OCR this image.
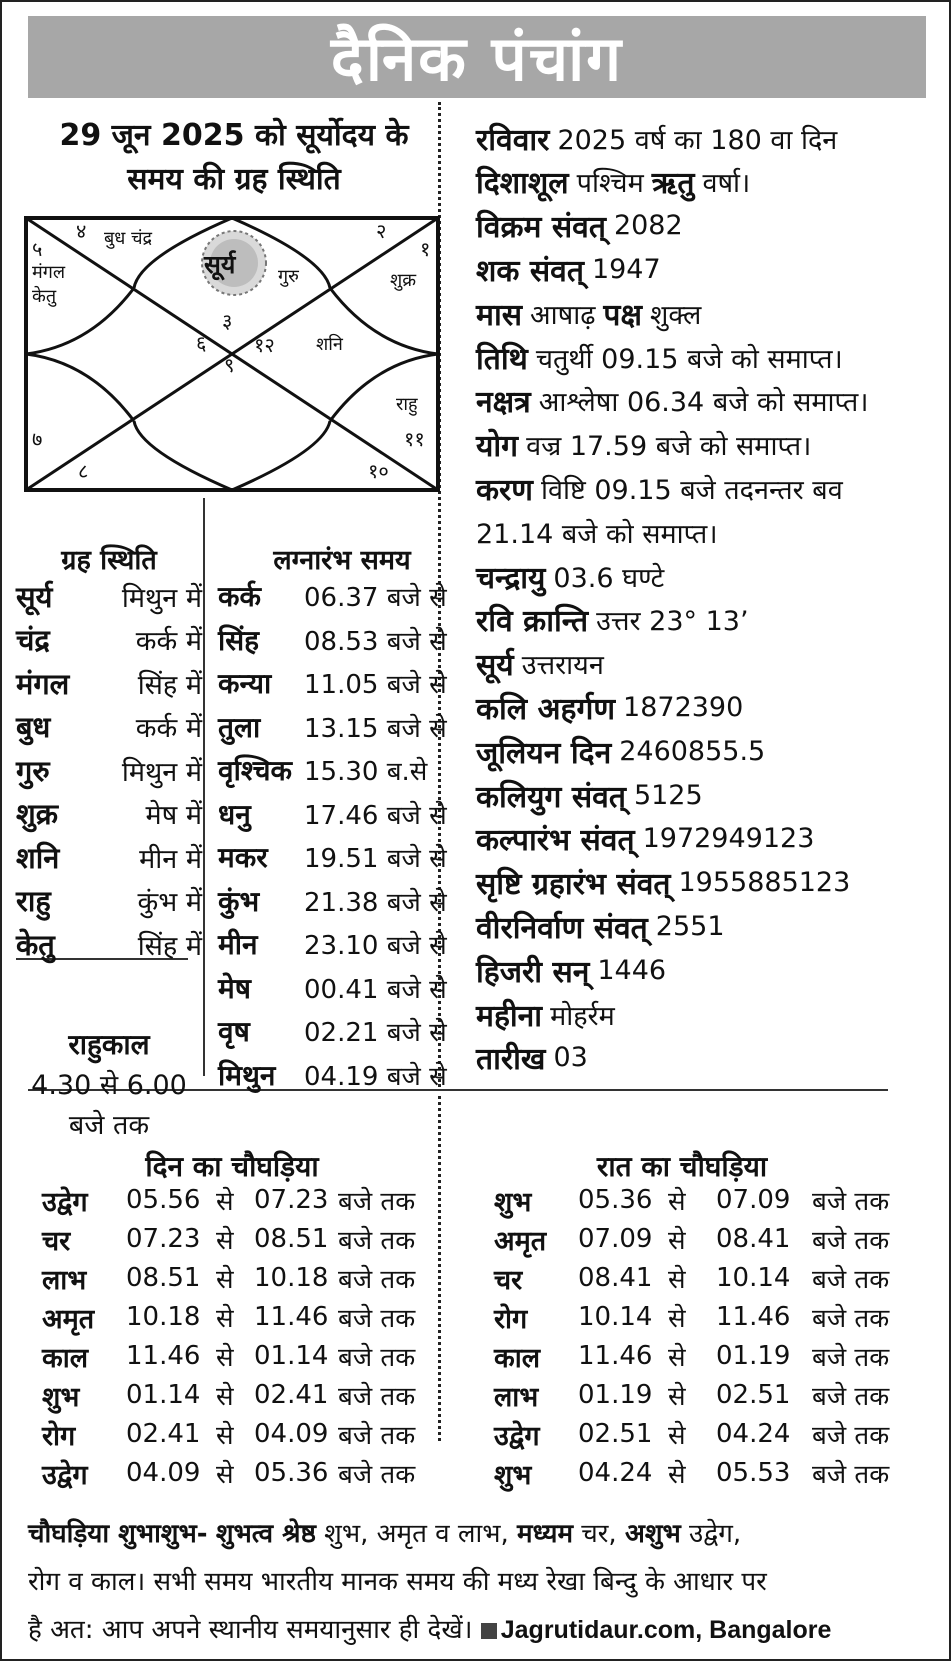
दैनिक पंचांग
29 जून 2025 को सूर्योदय के
समय की ग्रह स्थिति
४ बुध चंद्र	२
१
५
मंगल
केतु
सूर्य गुरु	शुक्र
३
६ १२ शनि
९
राहु
७	११
८	१०
ग्रह स्थिति
सूर्य	मिथुन में
चंद्र	कर्क में
मंगल	सिंह में
बुध	कर्क में
गुरु	मिथुन में
शुक्र	मेष में
शनि	मीन में
राहु	कुंभ में
केतु	सिंह में
लग्नारंभ समय
कर्क	06.37 बजे से
सिंह	08.53 बजे से
कन्या	11.05 बजे से
तुला	13.15 बजे से
वृश्चिक 15.30 ब.से
धनु	17.46 बजे से
मकर	19.51 बजे से
कुंभ	21.38 बजे से
मीन	23.10 बजे से
मेष	00.41 बजे से
वृष	02.21 बजे से
मिथुन	04.19 बजे से
राहुकाल
4.30 से 6.00
बजे तक
रविवार 2025 वर्ष का 180 वा दिन
दिशाशूल पश्चिम ऋतु वर्षा।
विक्रम संवत् 2082
शक संवत् 1947
मास आषाढ़ पक्ष शुक्ल
तिथि चतुर्थी 09.15 बजे को समाप्त।
नक्षत्र आश्लेषा 06.34 बजे को समाप्त।
योग वज्र 17.59 बजे को समाप्त।
करण विष्टि 09.15 बजे तदनन्तर बव
21.14 बजे को समाप्त।
चन्द्रायु 03.6 घण्टे
रवि क्रान्ति उत्तर 23° 13’
सूर्य उत्तरायन
कलि अहर्गण 1872390
जूलियन दिन 2460855.5
कलियुग संवत् 5125
कल्पारंभ संवत् 1972949123
सृष्टि ग्रहारंभ संवत् 1955885123
वीरनिर्वाण संवत् 2551
हिजरी सन् 1446
महीना मोहर्रम
तारीख 03
दिन का चौघड़िया	रात का चौघड़िया
उद्वेग	05.56 से 07.23 बजे तक
चर	07.23 से 08.51 बजे तक
लाभ	08.51 से 10.18 बजे तक
अमृत	10.18 से 11.46 बजे तक
काल	11.46 से 01.14 बजे तक
शुभ	01.14 से 02.41 बजे तक
रोग	02.41 से 04.09 बजे तक
उद्वेग	04.09 से 05.36 बजे तक
शुभ	05.36 से	07.09 बजे तक
अमृत	07.09 से	08.41 बजे तक
चर	08.41 से	10.14 बजे तक
रोग	10.14 से	11.46 बजे तक
काल	11.46 से	01.19 बजे तक
लाभ	01.19 से	02.51 बजे तक
उद्वेग	02.51 से	04.24 बजे तक
शुभ	04.24 से	05.53 बजे तक
चौघड़िया शुभाशुभ- शुभत्व श्रेष्ठ शुभ, अमृत व लाभ, मध्यम चर, अशुभ उद्वेग,
रोग व काल। सभी समय भारतीय मानक समय की मध्य रेखा बिन्दु के आधार पर
है अत: आप अपने स्थानीय समयानुसार ही देखें। Jagrutidaur.com, Bangalore
